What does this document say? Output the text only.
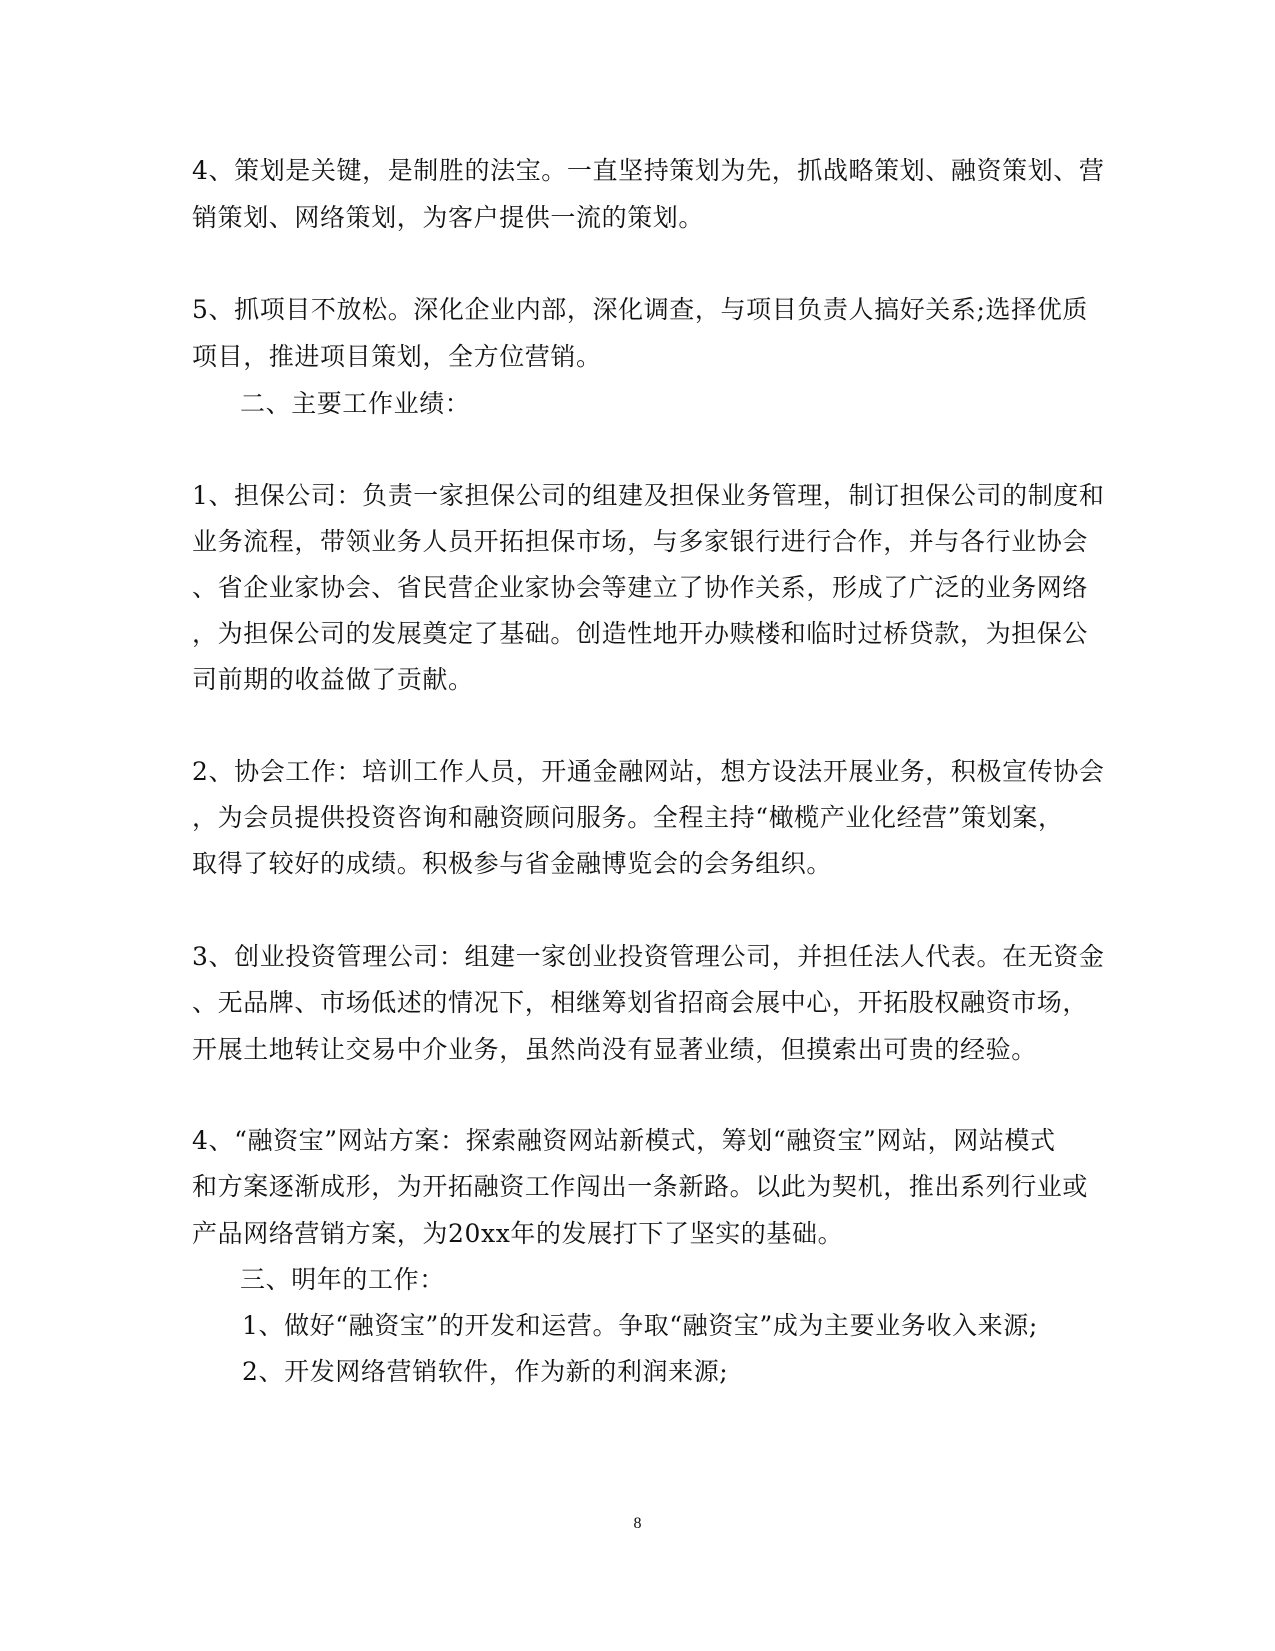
4、策划是关键，是制胜的法宝。一直坚持策划为先，抓战略策划、融资策划、营
销策划、网络策划，为客户提供一流的策划。
5、抓项目不放松。深化企业内部，深化调查，与项目负责人搞好关系;选择优质
项目，推进项目策划，全方位营销。
二、主要工作业绩：
1、担保公司：负责一家担保公司的组建及担保业务管理，制订担保公司的制度和
业务流程，带领业务人员开拓担保市场，与多家银行进行合作，并与各行业协会
、省企业家协会、省民营企业家协会等建立了协作关系，形成了广泛的业务网络
，为担保公司的发展奠定了基础。创造性地开办赎楼和临时过桥贷款，为担保公
司前期的收益做了贡献。
2、协会工作：培训工作人员，开通金融网站，想方设法开展业务，积极宣传协会
，为会员提供投资咨询和融资顾问服务。全程主持“橄榄产业化经营”策划案，
取得了较好的成绩。积极参与省金融博览会的会务组织。
3、创业投资管理公司：组建一家创业投资管理公司，并担任法人代表。在无资金
、无品牌、市场低述的情况下，相继筹划省招商会展中心，开拓股权融资市场，
开展土地转让交易中介业务，虽然尚没有显著业绩，但摸索出可贵的经验。
4、“融资宝”网站方案：探索融资网站新模式，筹划“融资宝”网站，网站模式
和方案逐渐成形，为开拓融资工作闯出一条新路。以此为契机，推出系列行业或
产品网络营销方案，为20xx年的发展打下了坚实的基础。
三、明年的工作：
1、做好“融资宝”的开发和运营。争取“融资宝”成为主要业务收入来源;
2、开发网络营销软件，作为新的利润来源;
8
